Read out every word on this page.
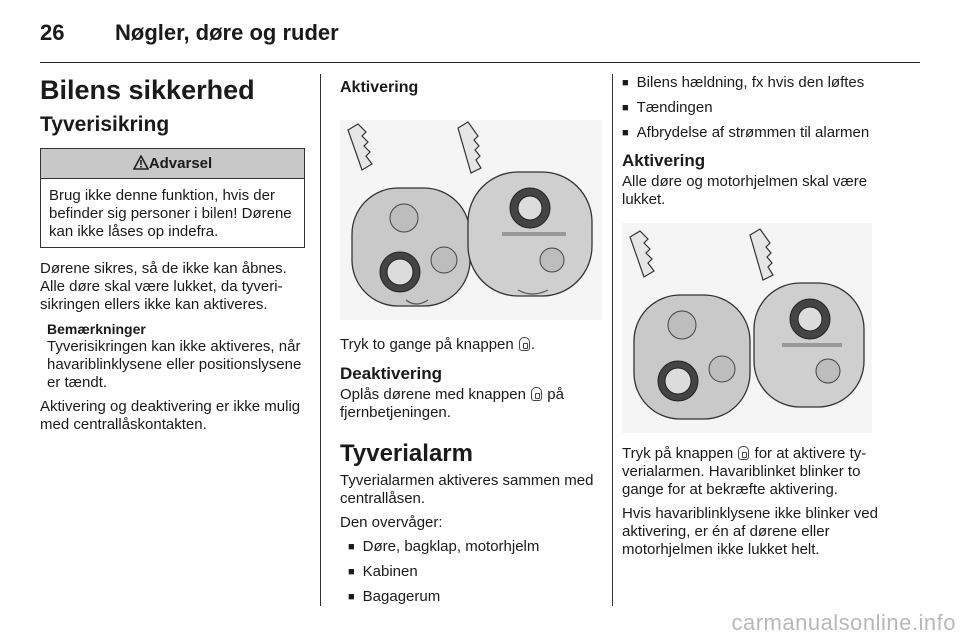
26 Nøgler, døre og ruder
Bilens sikkerhed
Tyverisikring
Advarsel
Brug ikke denne funktion, hvis der befinder sig personer i bilen! Dørene kan ikke låses op indefra.

Dørene sikres, så de ikke kan åbnes. Alle døre skal være lukket, da tyverisikringen ellers ikke kan aktiveres.

Bemærkninger
Tyverisikringen kan ikke aktiveres, når havariblinklysene eller positionslysene er tændt.

Aktivering og deaktivering er ikke mulig med centrallåskontakten.

Aktivering

Tryk to gange på knappen .

Deaktivering

Oplås dørene med knappen på fjernbetjeningen.

Tyverialarm

Tyverialarmen aktiveres sammen med centrallåsen.

Den overvåger:

■ Døre, bagklap, motorhjelm
■ Kabinen
■ Bagagerum
■ Bilens hældning, fx hvis den løftes
■ Tændingen
■ Afbrydelse af strømmen til alarmen
Aktivering

Alle døre og motorhjelmen skal være lukket.

Tryk på knappen for at aktivere tyverialarmen. Havariblinket blinker to gange for at bekræfte aktivering.

Hvis havariblinklysene ikke blinker ved aktivering, er én af dørene eller motorhjelmen ikke lukket helt.

carmanualsonline.info
